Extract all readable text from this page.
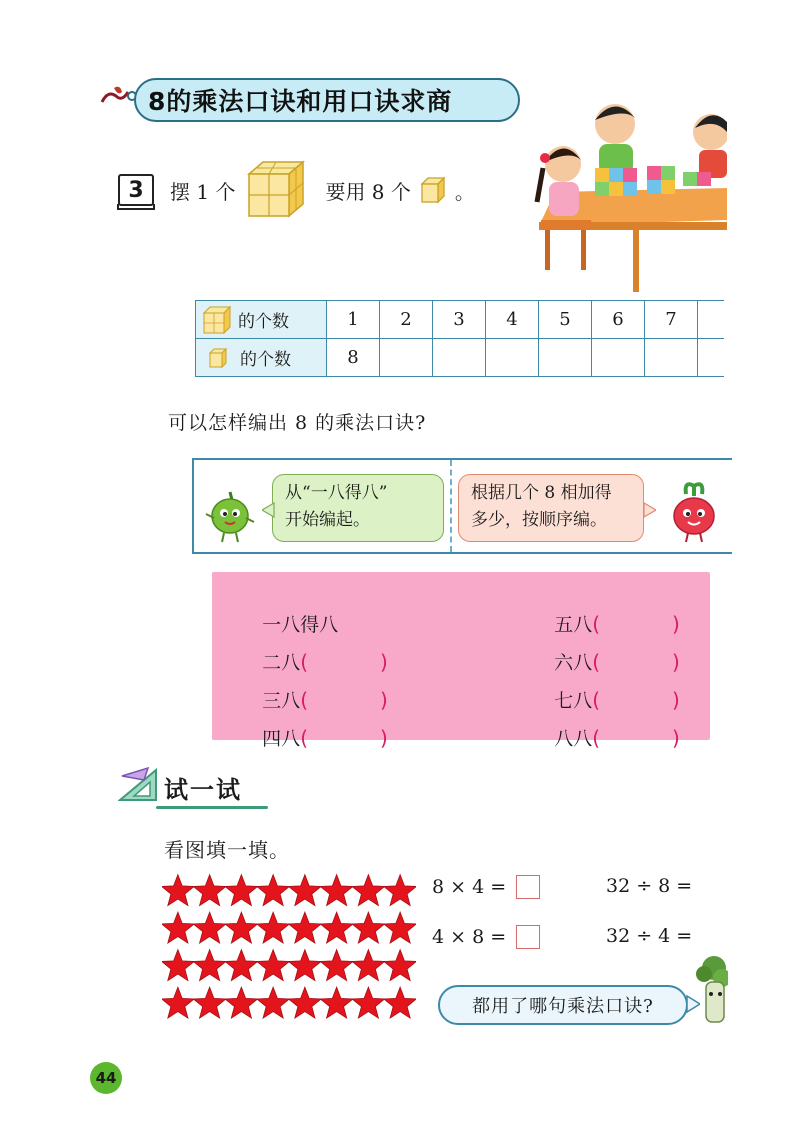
8的乘法口诀和用口诀求商
3	摆 1 个	要用 8 个 。
的个数	1	2	3	4	5	6	7	

的个数	8							
可以怎样编出 8 的乘法口诀?
从“一八得八”
开始编起。
根据几个 8 相加得
多少，按顺序编。

一八得八

二八(	)

三八(	)

四八(	)

五八(	)

六八(	)

七八(	)

八八(	)

试一试
看图填一填。
8 × 4 =
4 × 8 =
32 ÷ 8 =
32 ÷ 4 =
都用了哪句乘法口诀?
44
